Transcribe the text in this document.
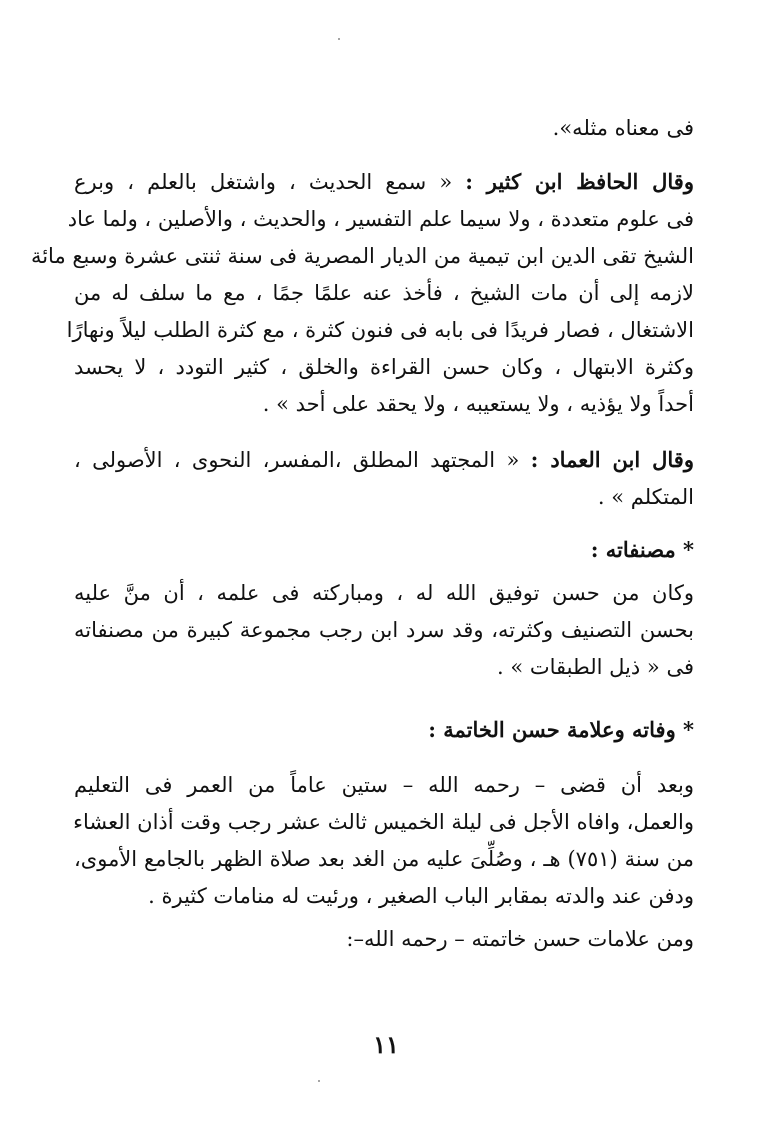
فى معناه مثله».
وقال الحافظ ابن كثير : « سمع الحديث ، واشتغل بالعلم ، وبرع
فى علوم متعددة ، ولا سيما علم التفسير ، والحديث ، والأصلين ، ولما عاد
الشيخ تقى الدين ابن تيمية من الديار المصرية فى سنة ثنتى عشرة وسبع مائة
لازمه إلى أن مات الشيخ ، فأخذ عنه علمًا جمًا ، مع ما سلف له من
الاشتغال ، فصار فريدًا فى بابه فى فنون كثرة ، مع كثرة الطلب ليلاً ونهارًا
وكثرة الابتهال ، وكان حسن القراءة والخلق ، كثير التودد ، لا يحسد
أحداً ولا يؤذيه ، ولا يستعيبه ، ولا يحقد على أحد » .
وقال ابن العماد : « المجتهد المطلق ،المفسر، النحوى ، الأصولى ،
المتكلم » .
* مصنفاته :
وكان من حسن توفيق الله له ، ومباركته فى علمه ، أن منَّ عليه
بحسن التصنيف وكثرته، وقد سرد ابن رجب مجموعة كبيرة من مصنفاته
فى « ذيل الطبقات » .
* وفاته وعلامة حسن الخاتمة :
وبعد أن قضى – رحمه الله – ستين عاماً من العمر فى التعليم
والعمل، وافاه الأجل فى ليلة الخميس ثالث عشر رجب وقت أذان العشاء
من سنة (٧٥١) هـ ، وصُلِّىَ عليه من الغد بعد صلاة الظهر بالجامع الأموى،
ودفن عند والدته بمقابر الباب الصغير ، ورئيت له منامات كثيرة .
ومن علامات حسن خاتمته – رحمه الله–:
١١
